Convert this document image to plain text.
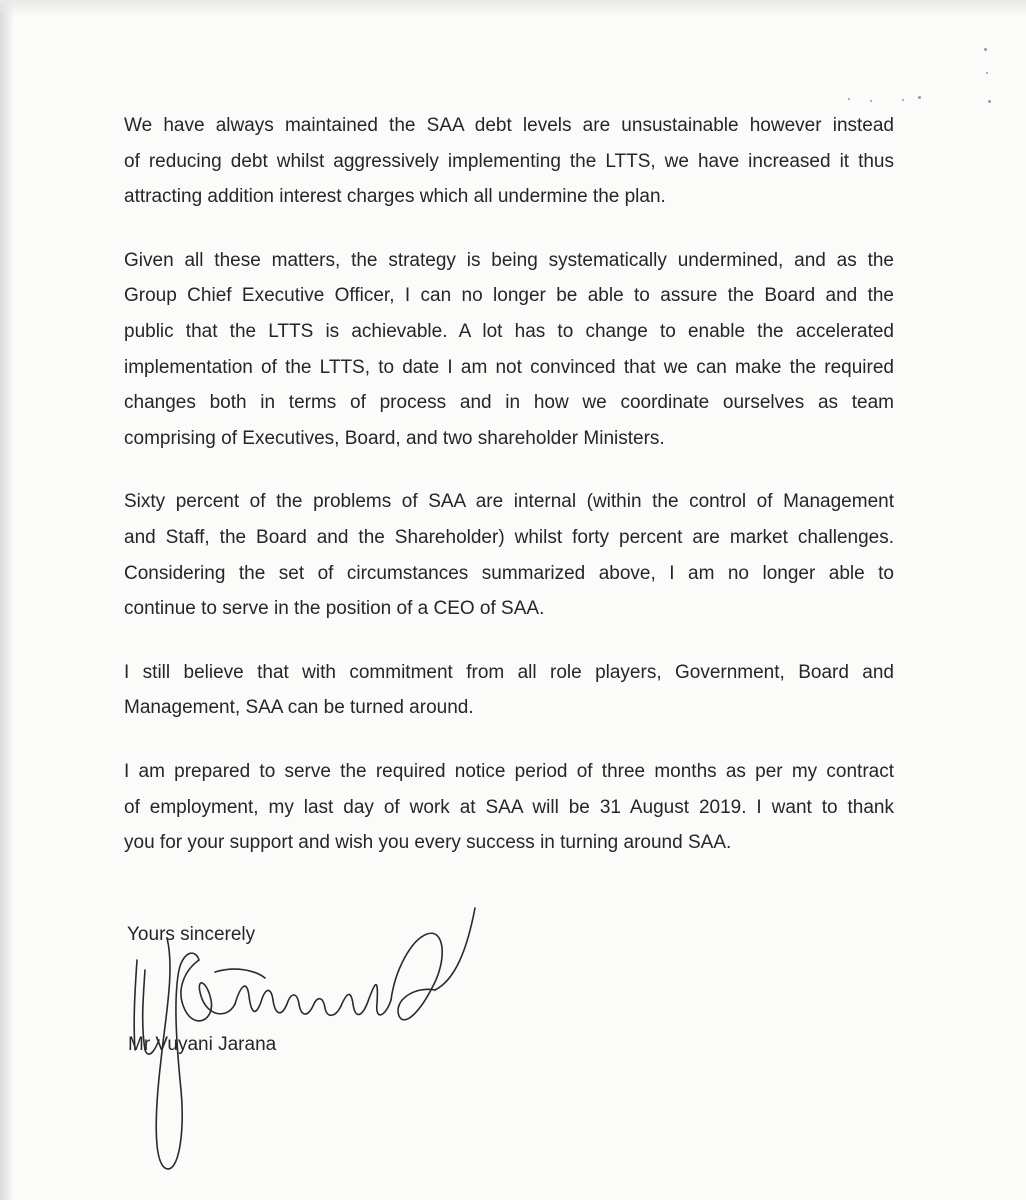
We have always maintained the SAA debt levels are unsustainable however instead
of reducing debt whilst aggressively implementing the LTTS, we have increased it thus
attracting addition interest charges which all undermine the plan.

Given all these matters, the strategy is being systematically undermined, and as the
Group Chief Executive Officer, I can no longer be able to assure the Board and the
public that the LTTS is achievable. A lot has to change to enable the accelerated
implementation of the LTTS, to date I am not convinced that we can make the required
changes both in terms of process and in how we coordinate ourselves as team
comprising of Executives, Board, and two shareholder Ministers.

Sixty percent of the problems of SAA are internal (within the control of Management
and Staff, the Board and the Shareholder) whilst forty percent are market challenges.
Considering the set of circumstances summarized above, I am no longer able to
continue to serve in the position of a CEO of SAA.

I still believe that with commitment from all role players, Government, Board and
Management, SAA can be turned around.

I am prepared to serve the required notice period of three months as per my contract
of employment, my last day of work at SAA will be 31 August 2019. I want to thank
you for your support and wish you every success in turning around SAA.

Yours sincerely
Mr Vuyani Jarana
